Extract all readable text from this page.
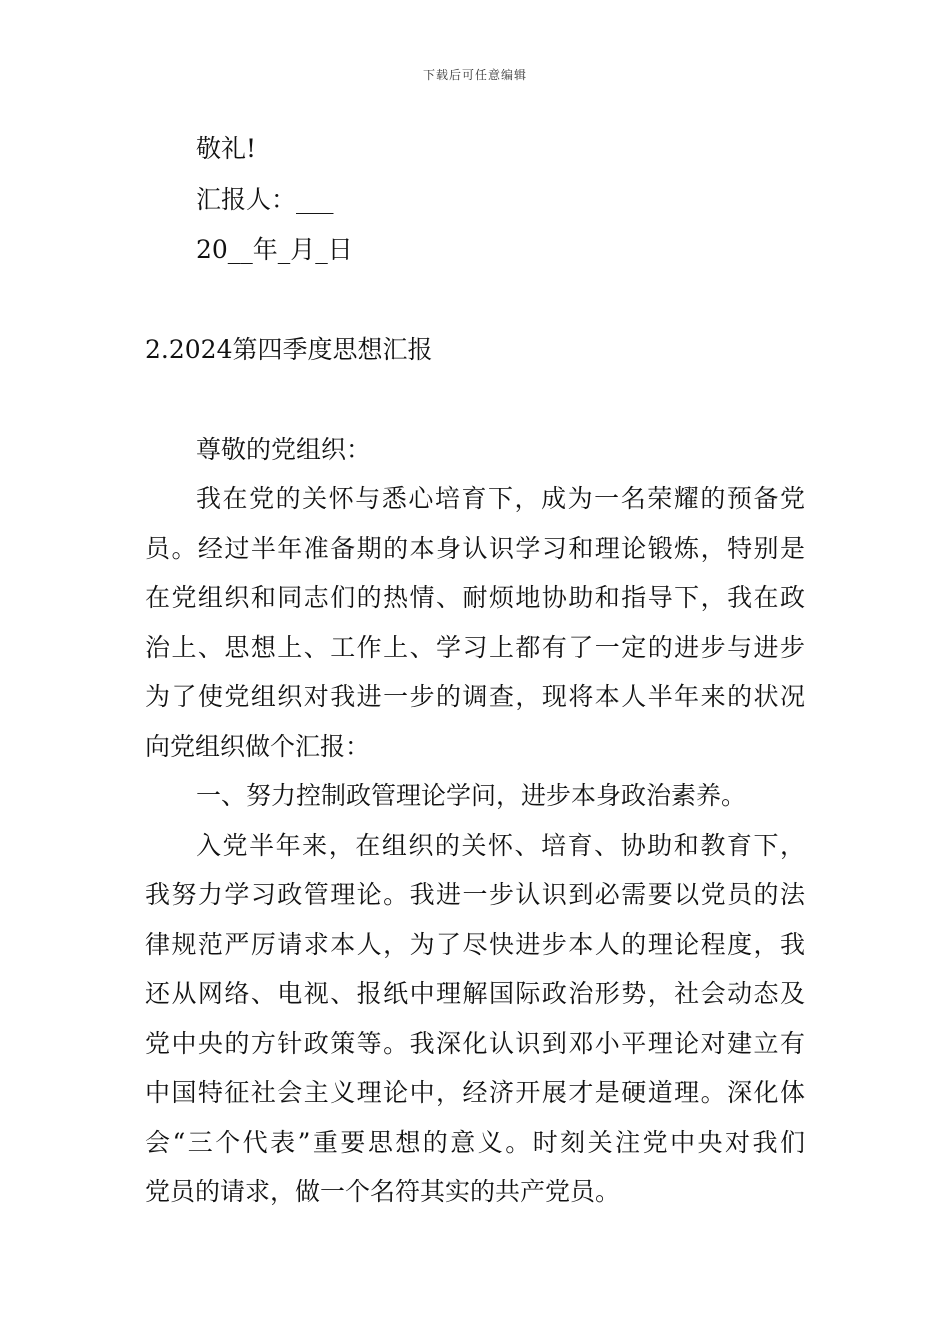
下载后可任意编辑
敬礼!
汇报人：___
20__年_月_日
2.2024第四季度思想汇报
尊敬的党组织：
我在党的关怀与悉心培育下，成为一名荣耀的预备党
员。经过半年准备期的本身认识学习和理论锻炼，特别是
在党组织和同志们的热情、耐烦地协助和指导下，我在政
治上、思想上、工作上、学习上都有了一定的进步与进步
为了使党组织对我进一步的调查，现将本人半年来的状况
向党组织做个汇报：
一、努力控制政管理论学问，进步本身政治素养。
入党半年来，在组织的关怀、培育、协助和教育下，
我努力学习政管理论。我进一步认识到必需要以党员的法
律规范严厉请求本人，为了尽快进步本人的理论程度，我
还从网络、电视、报纸中理解国际政治形势，社会动态及
党中央的方针政策等。我深化认识到邓小平理论对建立有
中国特征社会主义理论中，经济开展才是硬道理。深化体
会“三个代表”重要思想的意义。时刻关注党中央对我们
党员的请求，做一个名符其实的共产党员。
